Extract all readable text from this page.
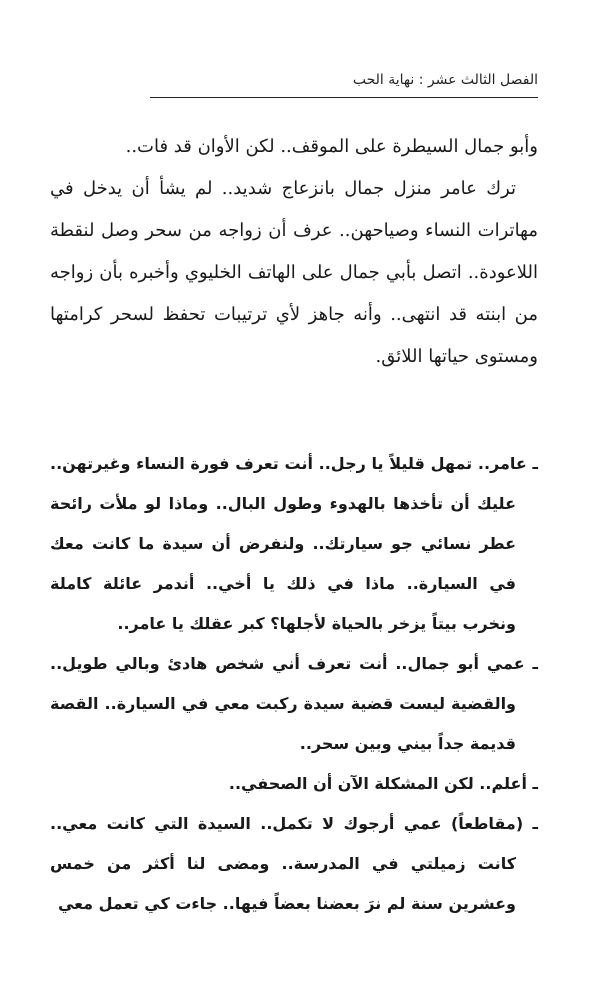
الفصل الثالث عشر : نهاية الحب

وأبو جمال السيطرة على الموقف.. لكن الأوان قد فات..

ترك عامر منزل جمال بانزعاج شديد.. لم يشأ أن يدخل في مهاترات النساء وصياحهن.. عرف أن زواجه من سحر وصل لنقطة اللاعودة.. اتصل بأبي جمال على الهاتف الخليوي وأخبره بأن زواجه من ابنته قد انتهى.. وأنه جاهز لأي ترتيبات تحفظ لسحر كرامتها ومستوى حياتها اللائق.

ـ عامر.. تمهل قليلاً يا رجل.. أنت تعرف فورة النساء وغيرتهن.. عليك أن تأخذها بالهدوء وطول البال.. وماذا لو ملأت رائحة عطر نسائي جو سيارتك.. ولنفرض أن سيدة ما كانت معك في السيارة.. ماذا في ذلك يا أخي.. أندمر عائلة كاملة ونخرب بيتاً يزخر بالحياة لأجلها؟ كبر عقلك يا عامر..

ـ عمي أبو جمال.. أنت تعرف أني شخص هادئ وبالي طويل.. والقضية ليست قضية سيدة ركبت معي في السيارة.. القصة قديمة جداً بيني وبين سحر..

ـ أعلم.. لكن المشكلة الآن أن الصحفي..

ـ (مقاطعاً) عمي أرجوك لا تكمل.. السيدة التي كانت معي.. كانت زميلتي في المدرسة.. ومضى لنا أكثر من خمس وعشرين سنة لم نرَ بعضنا بعضاً فيها.. جاءت كي تعمل معي
